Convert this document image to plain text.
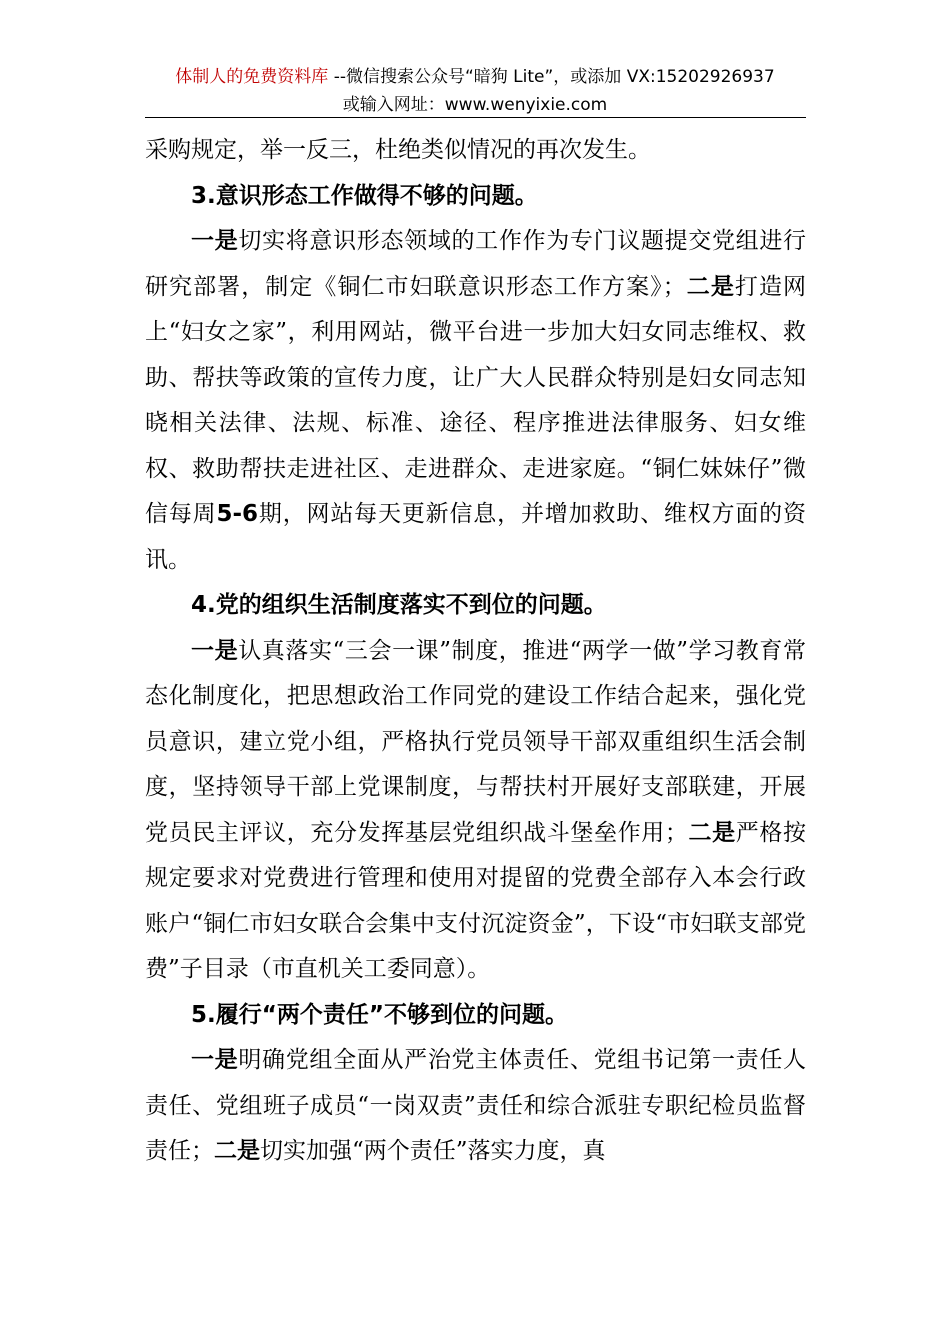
体制人的免费资料库 --微信搜索公众号“暗狗 Lite”，或添加 VX:15202926937
或输入网址：www.wenyixie.com

采购规定，举一反三，杜绝类似情况的再次发生。

3.意识形态工作做得不够的问题。

一是切实将意识形态领域的工作作为专门议题提交党组进行研究部署，制定《铜仁市妇联意识形态工作方案》；二是打造网上“妇女之家”，利用网站，微平台进一步加大妇女同志维权、救助、帮扶等政策的宣传力度，让广大人民群众特别是妇女同志知晓相关法律、法规、标准、途径、程序推进法律服务、妇女维权、救助帮扶走进社区、走进群众、走进家庭。“铜仁妹妹仔”微信每周5-6期，网站每天更新信息，并增加救助、维权方面的资讯。

4.党的组织生活制度落实不到位的问题。

一是认真落实“三会一课”制度，推进“两学一做”学习教育常态化制度化，把思想政治工作同党的建设工作结合起来，强化党员意识，建立党小组，严格执行党员领导干部双重组织生活会制度，坚持领导干部上党课制度，与帮扶村开展好支部联建，开展党员民主评议，充分发挥基层党组织战斗堡垒作用；二是严格按规定要求对党费进行管理和使用对提留的党费全部存入本会行政账户“铜仁市妇女联合会集中支付沉淀资金”，下设“市妇联支部党费”子目录（市直机关工委同意）。

5.履行“两个责任”不够到位的问题。

一是明确党组全面从严治党主体责任、党组书记第一责任人责任、党组班子成员“一岗双责”责任和综合派驻专职纪检员监督责任；二是切实加强“两个责任”落实力度，真
